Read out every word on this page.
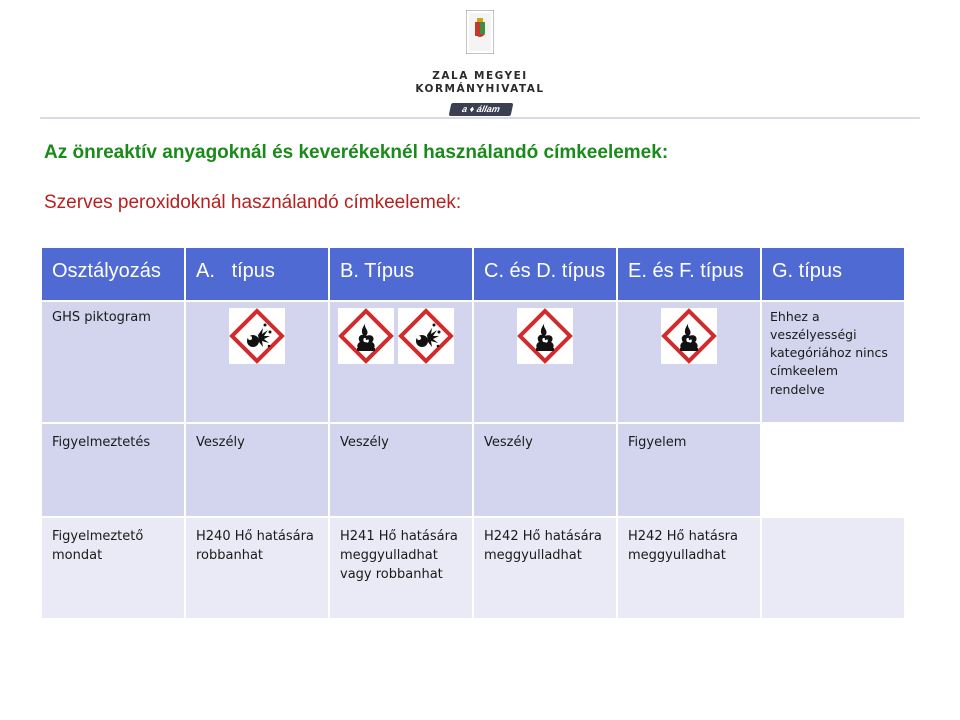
ZALA MEGYEI
KORMÁNYHIVATAL
a ♦ állam
Az önreaktív anyagoknál és keverékeknél használandó címkeelemek:
Szerves peroxidoknál használandó címkeelemek:
Osztályozás	A.   típus	B. Típus	C. és D. típus	E. és F. típus	G. típus
GHS piktogram					Ehhez a veszélyességi kategóriához nincs címkeelem rendelve
Figyelmeztetés	Veszély	Veszély	Veszély	Figyelem	
Figyelmeztető mondat	H240 Hő hatására robbanhat	H241 Hő hatására meggyulladhat vagy robbanhat	H242 Hő hatására meggyulladhat	H242 Hő hatásra meggyulladhat	
